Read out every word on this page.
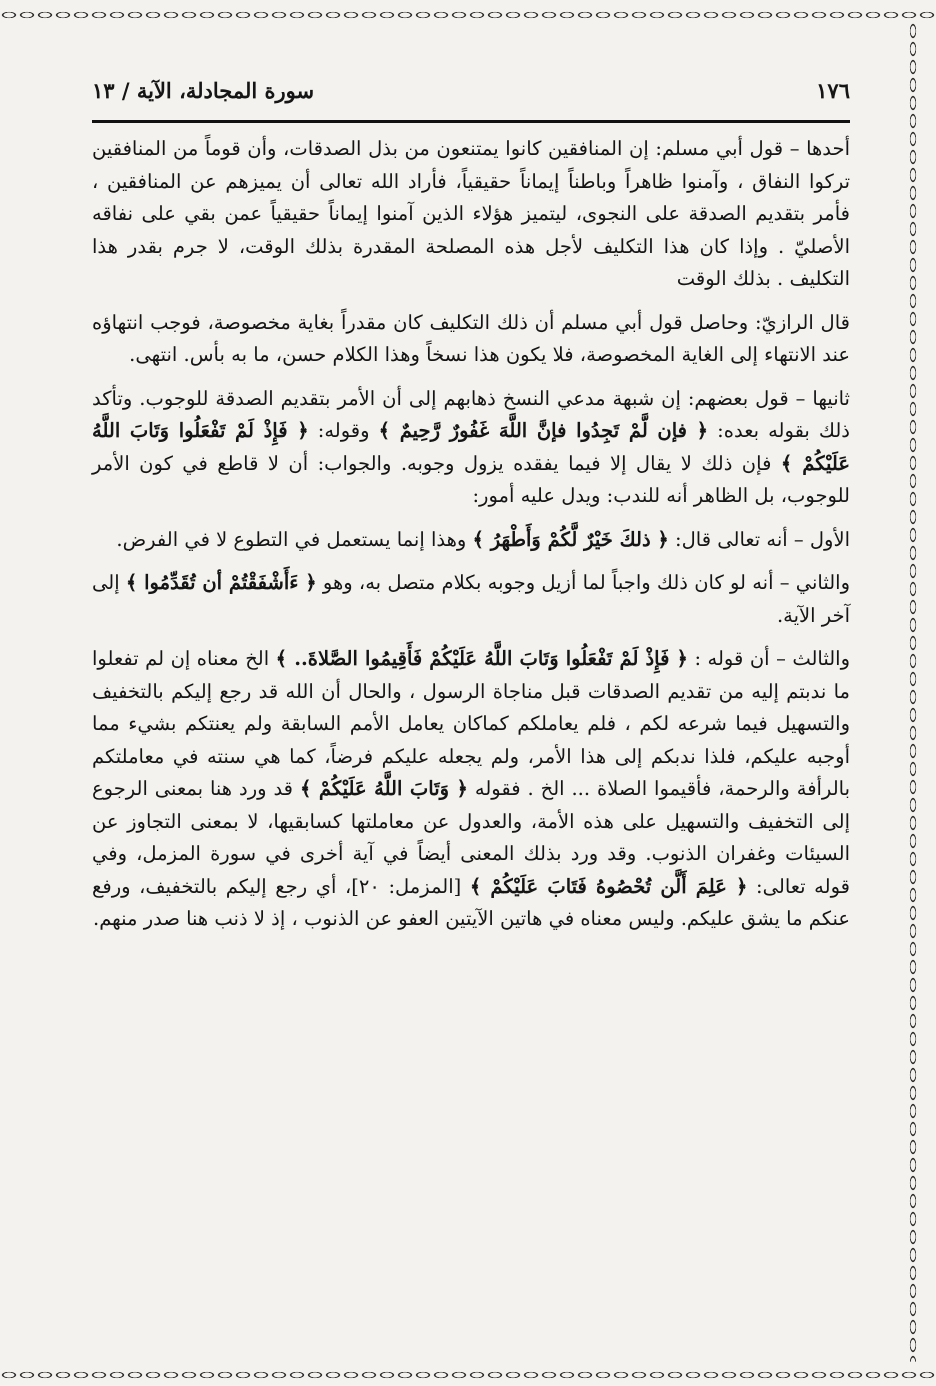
١٧٦
سورة المجادلة، الآية / ١٣

أحدها – قول أبي مسلم: إن المنافقين كانوا يمتنعون من بذل الصدقات، وأن قوماً من المنافقين تركوا النفاق ، وآمنوا ظاهراً وباطناً إيماناً حقيقياً، فأراد الله تعالى أن يميزهم عن المنافقين ، فأمر بتقديم الصدقة على النجوى، ليتميز هؤلاء الذين آمنوا إيماناً حقيقياً عمن بقي على نفاقه الأصليّ . وإذا كان هذا التكليف لأجل هذه المصلحة المقدرة بذلك الوقت، لا جرم بقدر هذا التكليف . بذلك الوقت

قال الرازيّ: وحاصل قول أبي مسلم أن ذلك التكليف كان مقدراً بغاية مخصوصة، فوجب انتهاؤه عند الانتهاء إلى الغاية المخصوصة، فلا يكون هذا نسخاً وهذا الكلام حسن، ما به بأس. انتهى.

ثانيها – قول بعضهم: إن شبهة مدعي النسخ ذهابهم إلى أن الأمر بتقديم الصدقة للوجوب. وتأكد ذلك بقوله بعده: ﴿ فإن لَّمْ تَجِدُوا فإنَّ اللَّهَ غَفُورٌ رَّحِيمٌ ﴾ وقوله: ﴿ فَإِذْ لَمْ تَفْعَلُوا وَتَابَ اللَّهُ عَلَيْكُمْ ﴾ فإن ذلك لا يقال إلا فيما يفقده يزول وجوبه. والجواب: أن لا قاطع في كون الأمر للوجوب، بل الظاهر أنه للندب: ويدل عليه أمور:

الأول – أنه تعالى قال: ﴿ ذلكَ خَيْرٌ لَّكُمْ وَأَطْهَرُ ﴾ وهذا إنما يستعمل في التطوع لا في الفرض.

والثاني – أنه لو كان ذلك واجباً لما أزيل وجوبه بكلام متصل به، وهو ﴿ ءَأَشْفَقْتُمْ أن تُقَدِّمُوا ﴾ إلى آخر الآية.

والثالث – أن قوله : ﴿ فَإِذْ لَمْ تَفْعَلُوا وَتَابَ اللَّهُ عَلَيْكُمْ فَأَقِيمُوا الصَّلاةَ.. ﴾ الخ معناه إن لم تفعلوا ما ندبتم إليه من تقديم الصدقات قبل مناجاة الرسول ، والحال أن الله قد رجع إليكم بالتخفيف والتسهيل فيما شرعه لكم ، فلم يعاملكم كماكان يعامل الأمم السابقة ولم يعنتكم بشيء مما أوجبه عليكم، فلذا ندبكم إلى هذا الأمر، ولم يجعله عليكم فرضاً، كما هي سنته في معاملتكم بالرأفة والرحمة، فأقيموا الصلاة ... الخ . فقوله ﴿ وَتَابَ اللَّهُ عَلَيْكُمْ ﴾ قد ورد هنا بمعنى الرجوع إلى التخفيف والتسهيل على هذه الأمة، والعدول عن معاملتها كسابقيها، لا بمعنى التجاوز عن السيئات وغفران الذنوب. وقد ورد بذلك المعنى أيضاً في آية أخرى في سورة المزمل، وفي قوله تعالى: ﴿ عَلِمَ أَلَّن تُحْصُوهُ فَتَابَ عَلَيْكُمْ ﴾ [المزمل: ٢٠]، أي رجع إليكم بالتخفيف، ورفع عنكم ما يشق عليكم. وليس معناه في هاتين الآيتين العفو عن الذنوب ، إذ لا ذنب هنا صدر منهم.
